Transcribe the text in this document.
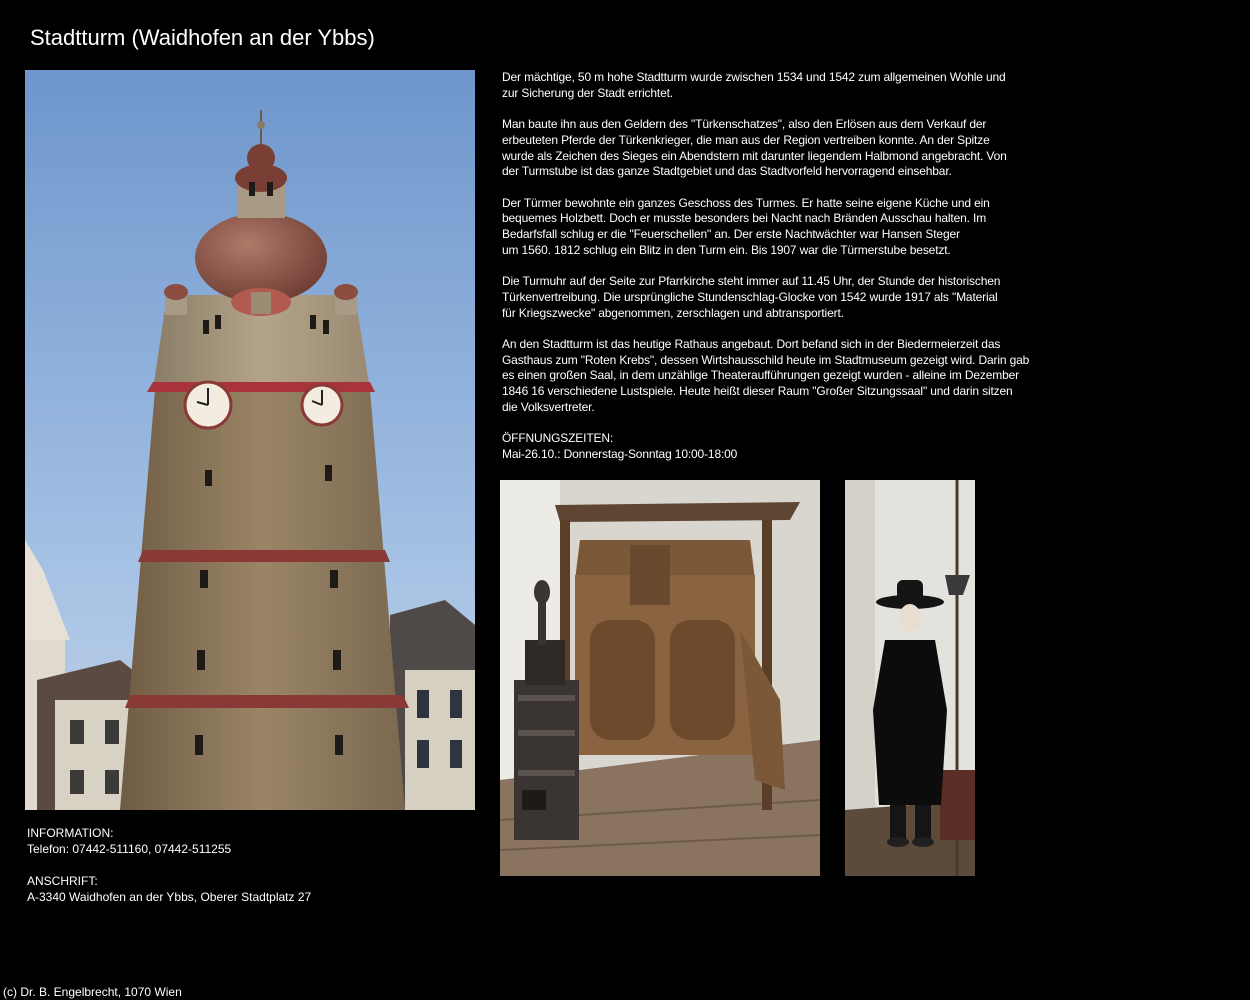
Stadtturm (Waidhofen an der Ybbs)

Der mächtige, 50 m hohe Stadtturm wurde zwischen 1534 und 1542 zum allgemeinen Wohle und
zur Sicherung der Stadt errichtet.

Man baute ihn aus den Geldern des "Türkenschatzes", also den Erlösen aus dem Verkauf der
erbeuteten Pferde der Türkenkrieger, die man aus der Region vertreiben konnte. An der Spitze
wurde als Zeichen des Sieges ein Abendstern mit darunter liegendem Halbmond angebracht. Von
der Turmstube ist das ganze Stadtgebiet und das Stadtvorfeld hervorragend einsehbar.

Der Türmer bewohnte ein ganzes Geschoss des Turmes. Er hatte seine eigene Küche und ein
bequemes Holzbett. Doch er musste besonders bei Nacht nach Bränden Ausschau halten. Im
Bedarfsfall schlug er die "Feuerschellen" an. Der erste Nachtwächter war Hansen Steger
um 1560. 1812 schlug ein Blitz in den Turm ein. Bis 1907 war die Türmerstube besetzt.

Die Turmuhr auf der Seite zur Pfarrkirche steht immer auf 11.45 Uhr, der Stunde der historischen
Türkenvertreibung. Die ursprüngliche Stundenschlag-Glocke von 1542 wurde 1917 als "Material
für Kriegszwecke" abgenommen, zerschlagen und abtransportiert.

An den Stadtturm ist das heutige Rathaus angebaut. Dort befand sich in der Biedermeierzeit das
Gasthaus zum "Roten Krebs", dessen Wirtshausschild heute im Stadtmuseum gezeigt wird. Darin gab
es einen großen Saal, in dem unzählige Theateraufführungen gezeigt wurden - alleine im Dezember
1846 16 verschiedene Lustspiele. Heute heißt dieser Raum "Großer Sitzungssaal" und darin sitzen
die Volksvertreter.

ÖFFNUNGSZEITEN:
Mai-26.10.: Donnerstag-Sonntag 10:00-18:00

INFORMATION:
Telefon: 07442-511160, 07442-511255

ANSCHRIFT:
A-3340 Waidhofen an der Ybbs, Oberer Stadtplatz 27

(c) Dr. B. Engelbrecht, 1070 Wien
